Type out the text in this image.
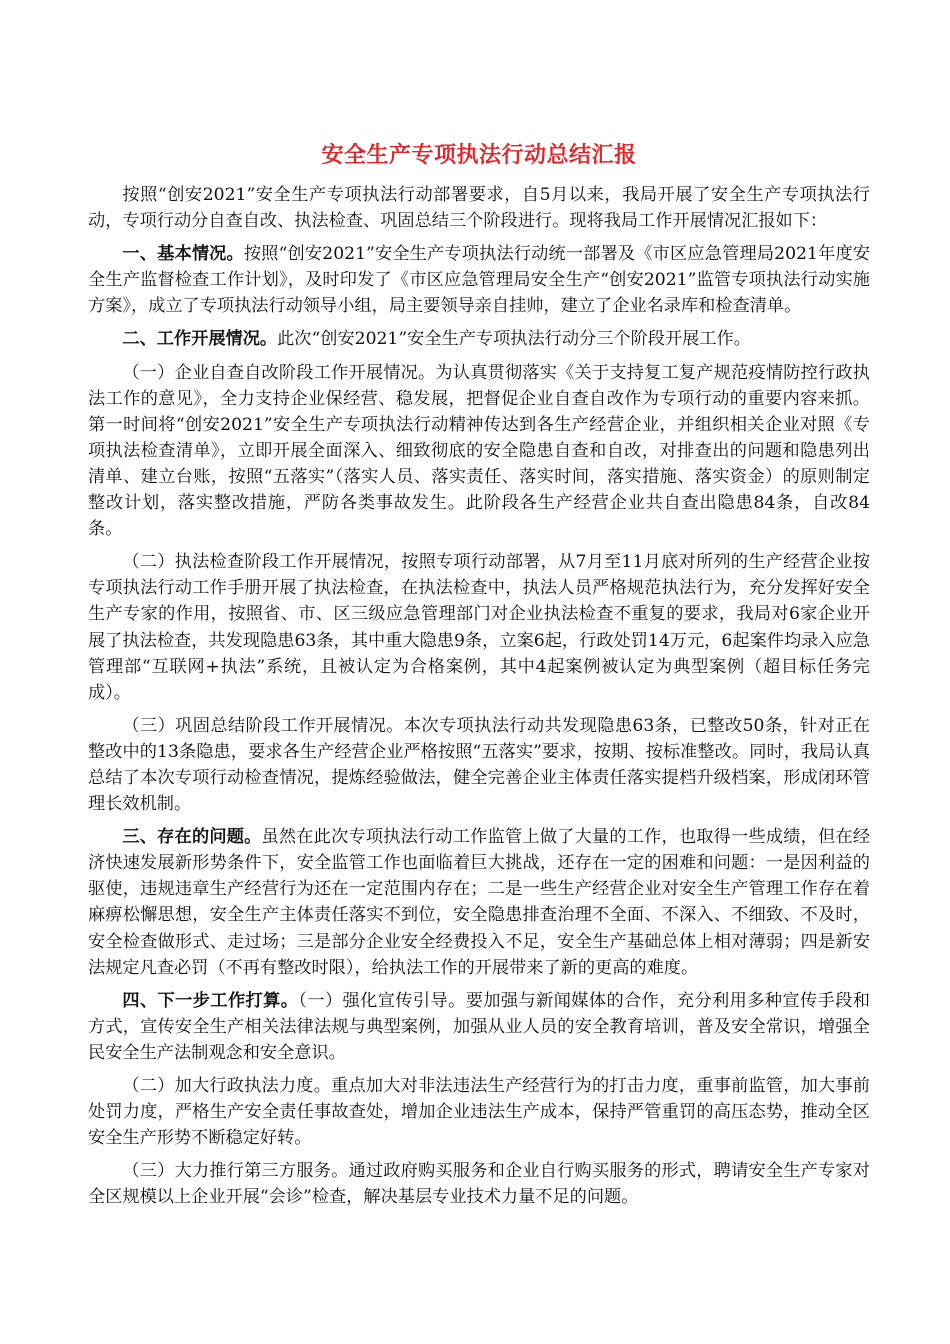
安全生产专项执法行动总结汇报

按照“创安2021”安全生产专项执法行动部署要求，自5月以来，我局开展了安全生产专项执法行动，专项行动分自查自改、执法检查、巩固总结三个阶段进行。现将我局工作开展情况汇报如下：

一、基本情况。按照“创安2021”安全生产专项执法行动统一部署及《市区应急管理局2021年度安全生产监督检查工作计划》，及时印发了《市区应急管理局安全生产“创安2021”监管专项执法行动实施方案》，成立了专项执法行动领导小组，局主要领导亲自挂帅，建立了企业名录库和检查清单。

二、工作开展情况。此次“创安2021”安全生产专项执法行动分三个阶段开展工作。

（一）企业自查自改阶段工作开展情况。为认真贯彻落实《关于支持复工复产规范疫情防控行政执法工作的意见》，全力支持企业保经营、稳发展，把督促企业自查自改作为专项行动的重要内容来抓。第一时间将“创安2021”安全生产专项执法行动精神传达到各生产经营企业，并组织相关企业对照《专项执法检查清单》，立即开展全面深入、细致彻底的安全隐患自查和自改，对排查出的问题和隐患列出清单、建立台账，按照“五落实”（落实人员、落实责任、落实时间，落实措施、落实资金）的原则制定整改计划，落实整改措施，严防各类事故发生。此阶段各生产经营企业共自查出隐患84条，自改84条。

（二）执法检查阶段工作开展情况，按照专项行动部署，从7月至11月底对所列的生产经营企业按专项执法行动工作手册开展了执法检查，在执法检查中，执法人员严格规范执法行为，充分发挥好安全生产专家的作用，按照省、市、区三级应急管理部门对企业执法检查不重复的要求，我局对6家企业开展了执法检查，共发现隐患63条，其中重大隐患9条，立案6起，行政处罚14万元，6起案件均录入应急管理部“互联网+执法”系统，且被认定为合格案例，其中4起案例被认定为典型案例（超目标任务完成）。

（三）巩固总结阶段工作开展情况。本次专项执法行动共发现隐患63条，已整改50条，针对正在整改中的13条隐患，要求各生产经营企业严格按照“五落实”要求，按期、按标准整改。同时，我局认真总结了本次专项行动检查情况，提炼经验做法，健全完善企业主体责任落实提档升级档案，形成闭环管理长效机制。

三、存在的问题。虽然在此次专项执法行动工作监管上做了大量的工作，也取得一些成绩，但在经济快速发展新形势条件下，安全监管工作也面临着巨大挑战，还存在一定的困难和问题：一是因利益的驱使，违规违章生产经营行为还在一定范围内存在；二是一些生产经营企业对安全生产管理工作存在着麻痹松懈思想，安全生产主体责任落实不到位，安全隐患排查治理不全面、不深入、不细致、不及时，安全检查做形式、走过场；三是部分企业安全经费投入不足，安全生产基础总体上相对薄弱；四是新安法规定凡查必罚（不再有整改时限），给执法工作的开展带来了新的更高的难度。

四、下一步工作打算。（一）强化宣传引导。要加强与新闻媒体的合作，充分利用多种宣传手段和方式，宣传安全生产相关法律法规与典型案例，加强从业人员的安全教育培训，普及安全常识，增强全民安全生产法制观念和安全意识。

（二）加大行政执法力度。重点加大对非法违法生产经营行为的打击力度，重事前监管，加大事前处罚力度，严格生产安全责任事故查处，增加企业违法生产成本，保持严管重罚的高压态势，推动全区安全生产形势不断稳定好转。

（三）大力推行第三方服务。通过政府购买服务和企业自行购买服务的形式，聘请安全生产专家对全区规模以上企业开展“会诊”检查，解决基层专业技术力量不足的问题。
